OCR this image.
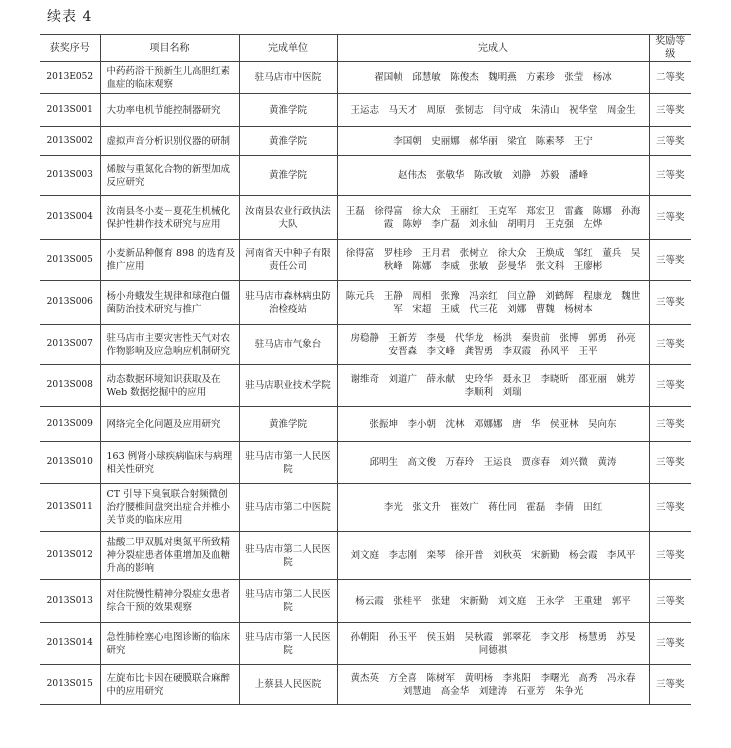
续表 4
获奖序号	项目名称	完成单位	完成人	奖励等级
2013E052	中药药浴干预新生儿高胆红素血症的临床观察	驻马店市中医院	翟国帧　邱慧敏　陈俊杰　魏明燕　方素珍　张莹　杨冰	二等奖
2013S001	大功率电机节能控制器研究	黄淮学院	王运志　马天才　周原　张韧志　闫守成　朱清山　祝华堂　周金生	三等奖
2013S002	虚拟声音分析识别仪器的研制	黄淮学院	李国朝　史丽娜　郝华丽　梁宜　陈素琴　王宁	三等奖
2013S003	烯胺与重氮化合物的新型加成反应研究	黄淮学院	赵伟杰　张敬华　陈改敏　刘静　苏毅　潘峰	三等奖
2013S004	汝南县冬小麦－夏花生机械化保护性耕作技术研究与应用	汝南县农业行政执法大队	王磊　徐得富　徐大众　王丽红　王克军　郑宏卫　雷鑫　陈娜　孙海霞　陈婷　李广磊　刘永仙　胡明月　王克强　左烨	三等奖
2013S005	小麦新品种偃育 898 的选育及推广应用	河南省天中种子有限责任公司	徐得富　罗桂珍　王月君　张树立　徐大众　王焕成　邹红　董兵　吴秋峰　陈娜　李威　张敏　彭曼华　张文科　王廖彬	三等奖
2013S006	杨小舟蛾发生规律和球孢白僵菌防治技术研究与推广	驻马店市森林病虫防治检疫站	陈元兵　王静　周相　张豫　冯亲红　闫立静　刘鹤辉　程康龙　魏世军　宋超　王威　代三花　刘娜　曹魏　杨树本	三等奖
2013S007	驻马店市主要灾害性天气对农作物影响及应急响应机制研究	驻马店市气象台	房稳静　王新芳　李曼　代华龙　杨洪　秦贵前　张博　郭勇　孙亮　安晋森　李文峰　龚智勇　李双霞　孙风平　王平	三等奖
2013S008	动态数据环境知识获取及在 Web 数据挖掘中的应用	驻马店职业技术学院	谢维奇　刘道广　薛永献　史玲华　聂永卫　李晓昕　邵亚丽　姚芳　李顺利　刘瑞	三等奖
2013S009	网络完全化问题及应用研究	黄淮学院	张振坤　李小朝　沈林　邓娜娜　唐　华　侯亚林　吴向东	三等奖
2013S010	163 例肾小球疾病临床与病理相关性研究	驻马店市第一人民医院	邱明生　高文俊　万春玲　王运良　贾彦春　刘兴微　黄涛	三等奖
2013S011	CT 引导下臭氧联合射频微创治疗腰椎间盘突出症合并椎小关节炎的临床应用	驻马店市第二中医院	李光　张文升　崔效广　蒋仕同　霍磊　李倩　田红	三等奖
2013S012	盐酸二甲双胍对奥氮平所致精神分裂症患者体重增加及血糖升高的影响	驻马店市第二人民医院	刘文庭　李志刚　栾琴　徐开普　刘秋英　宋新勤　杨会霞　李风平	三等奖
2013S013	对住院慢性精神分裂症女患者综合干预的效果观察	驻马店市第二人民医院	杨云霞　张桂平　张建　宋新勤　刘文庭　王永学　王重建　郭平	三等奖
2013S014	急性肺栓塞心电图诊断的临床研究	驻马店市第一人民医院	孙朝阳　孙玉平　侯玉娟　吴秋霞　郭翠花　李文彤　杨慧勇　苏旻　同德祺	三等奖
2013S015	左旋布比卡因在硬膜联合麻醉中的应用研究	上蔡县人民医院	黄杰英　方全喜　陈树军　黄明杨　李兆阳　李曙光　高秀　冯永春　刘慧迪　高金华　刘建涛　石亚芳　朱争光	三等奖
